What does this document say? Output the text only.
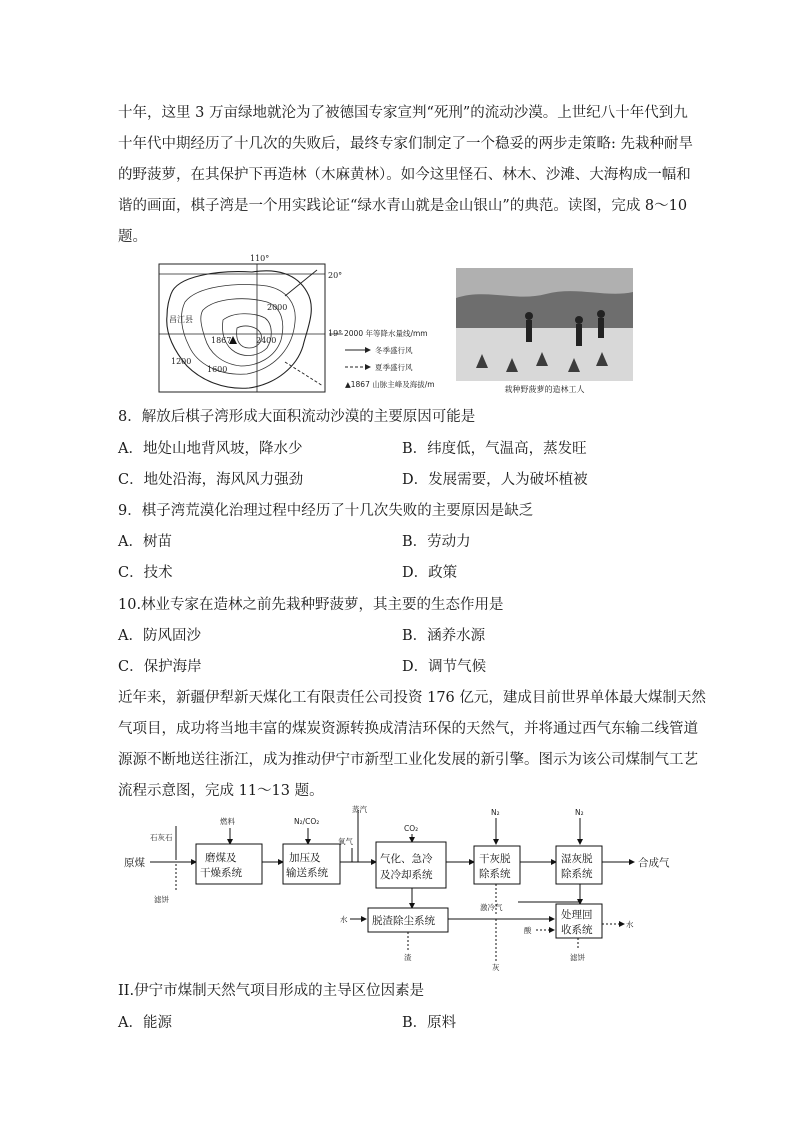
十年，这里 3 万亩绿地就沦为了被德国专家宣判“死刑”的流动沙漠。上世纪八十年代到九
十年代中期经历了十几次的失败后，最终专家们制定了一个稳妥的两步走策略: 先栽种耐旱
的野菠萝，在其保护下再造林（木麻黄林）。如今这里怪石、林木、沙滩、大海构成一幅和
谐的画面，棋子湾是一个用实践论证“绿水青山就是金山银山”的典范。读图，完成 8～10
题。
110°
20°
19°
2000
2400
1200
1600
1867
昌江县
2000 年等降水量线/mm
冬季盛行风
夏季盛行风
▲1867 山脉主峰及海拔/m
栽种野菠萝的造林工人
8．解放后棋子湾形成大面积流动沙漠的主要原因可能是
A．地处山地背风坡，降水少	B．纬度低，气温高，蒸发旺
C．地处沿海，海风风力强劲	D．发展需要，人为破坏植被
9．棋子湾荒漠化治理过程中经历了十几次失败的主要原因是缺乏
A．树苗	B．劳动力
C．技术	D．政策
10.林业专家在造林之前先栽种野菠萝，其主要的生态作用是
A．防风固沙	B．涵养水源
C．保护海岸	D．调节气候
近年来，新疆伊犁新天煤化工有限责任公司投资 176 亿元，建成目前世界单体最大煤制天然
气项目，成功将当地丰富的煤炭资源转换成清洁环保的天然气，并将通过西气东输二线管道
源源不断地送往浙江，成为推动伊宁市新型工业化发展的新引擎。图示为该公司煤制气工艺
流程示意图，完成 11～13 题。
原煤
石灰石
滤饼
燃料	N₂/CO₂
蒸汽
氧气
CO₂
N₂	N₂
磨煤及
干燥系统
加压及
输送系统
气化、急冷
及冷却系统
干灰脱
除系统
湿灰脱
除系统
合成气
水 脱渣除尘系统
激冷气
处理回
收系统
酸
水
渣
灰
滤饼
II.伊宁市煤制天然气项目形成的主导区位因素是
A．能源	B．原料
